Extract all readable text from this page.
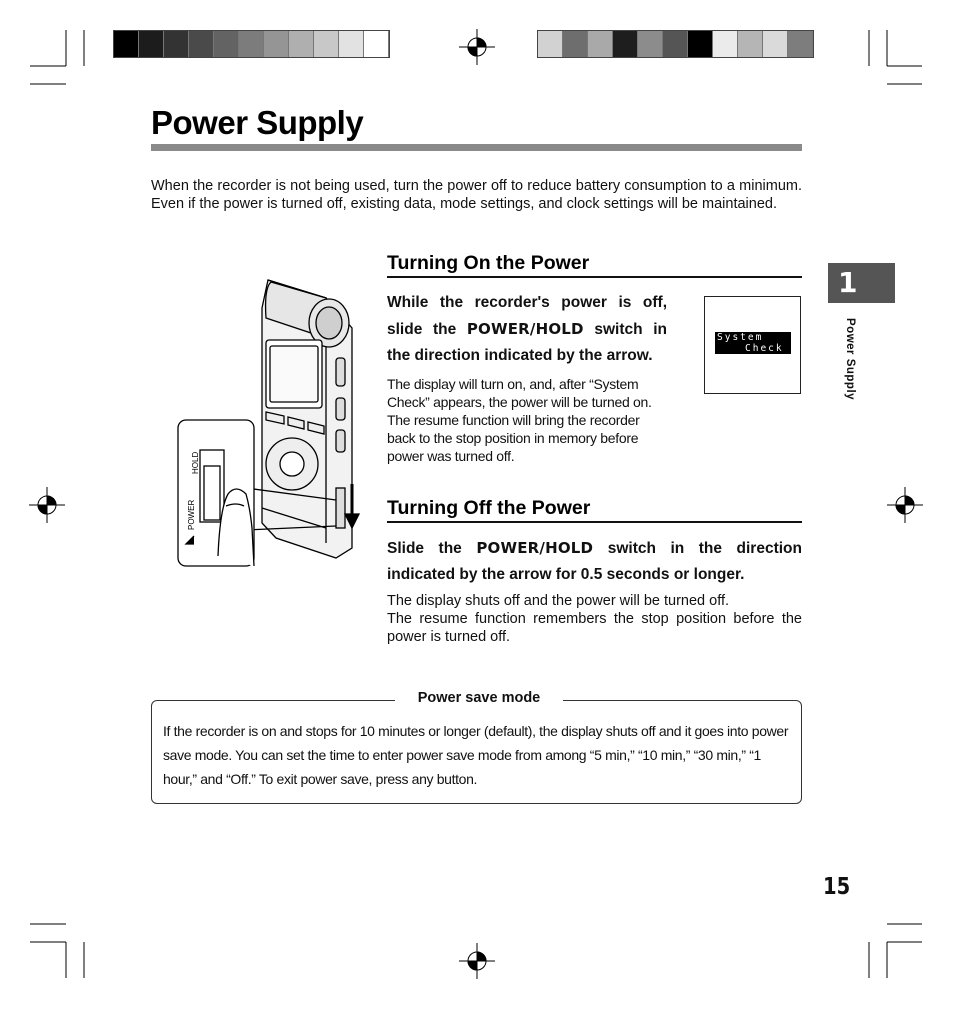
Power Supply
When the recorder is not being used, turn the power off to reduce battery consumption to a minimum. Even if the power is turned off, existing data, mode settings, and clock settings will be maintained.
1
Power Supply
POWER
HOLD
Turning On the Power
While the recorder's power is off, slide the POWER/HOLD switch in the direction indicated by the arrow.
The display will turn on, and, after “System Check” appears, the power will be turned on. The resume function will bring the recorder back to the stop position in memory before power was turned off.
System
Check
Turning Off the Power
Slide the POWER/HOLD switch in the direction indicated by the arrow for 0.5 seconds or longer.
The display shuts off and the power will be turned off.
The resume function remembers the stop position before the power is turned off.
Power save mode
If the recorder is on and stops for 10 minutes or longer (default), the display shuts off and it goes into power save mode. You can set the time to enter power save mode from among “5 min,” “10 min,” “30 min,” “1 hour,” and “Off.” To exit power save, press any button.
15
